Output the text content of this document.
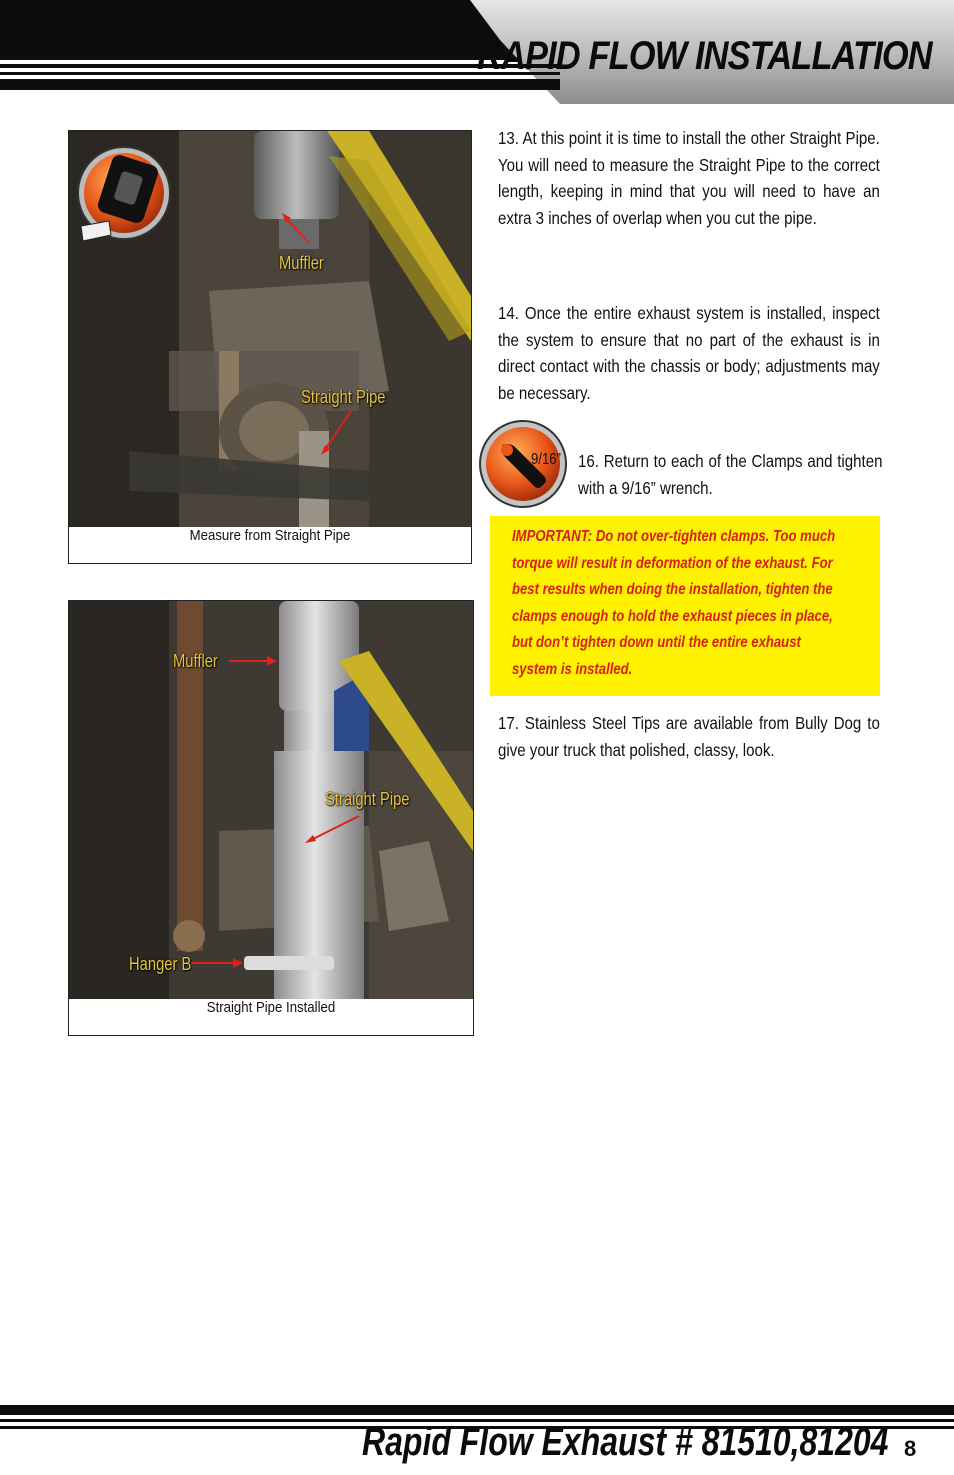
RAPID FLOW INSTALLATION
Muffler
Straight Pipe
Measure from Straight Pipe
Muffler
Straight Pipe
Hanger B
Straight Pipe Installed
13. At this point it is time to install the other Straight Pipe. You will need to measure the Straight Pipe to the correct length, keeping in mind that you will need to have an extra 3 inches of overlap when you cut the pipe.
14. Once the entire exhaust system is installed, inspect the system to ensure that no part of the exhaust is in direct contact with the chassis or body; adjustments may be necessary.
9/16” 16. Return to each of the Clamps and tighten with a 9/16” wrench.
IMPORTANT: Do not over-tighten clamps. Too much torque will result in deformation of the exhaust. For best results when doing the installation, tighten the clamps enough to hold the exhaust pieces in place, but don’t tighten down until the entire exhaust system is installed.
17. Stainless Steel Tips are available from Bully Dog to give your truck that polished, classy, look.
Rapid Flow Exhaust # 81510,81204 8
